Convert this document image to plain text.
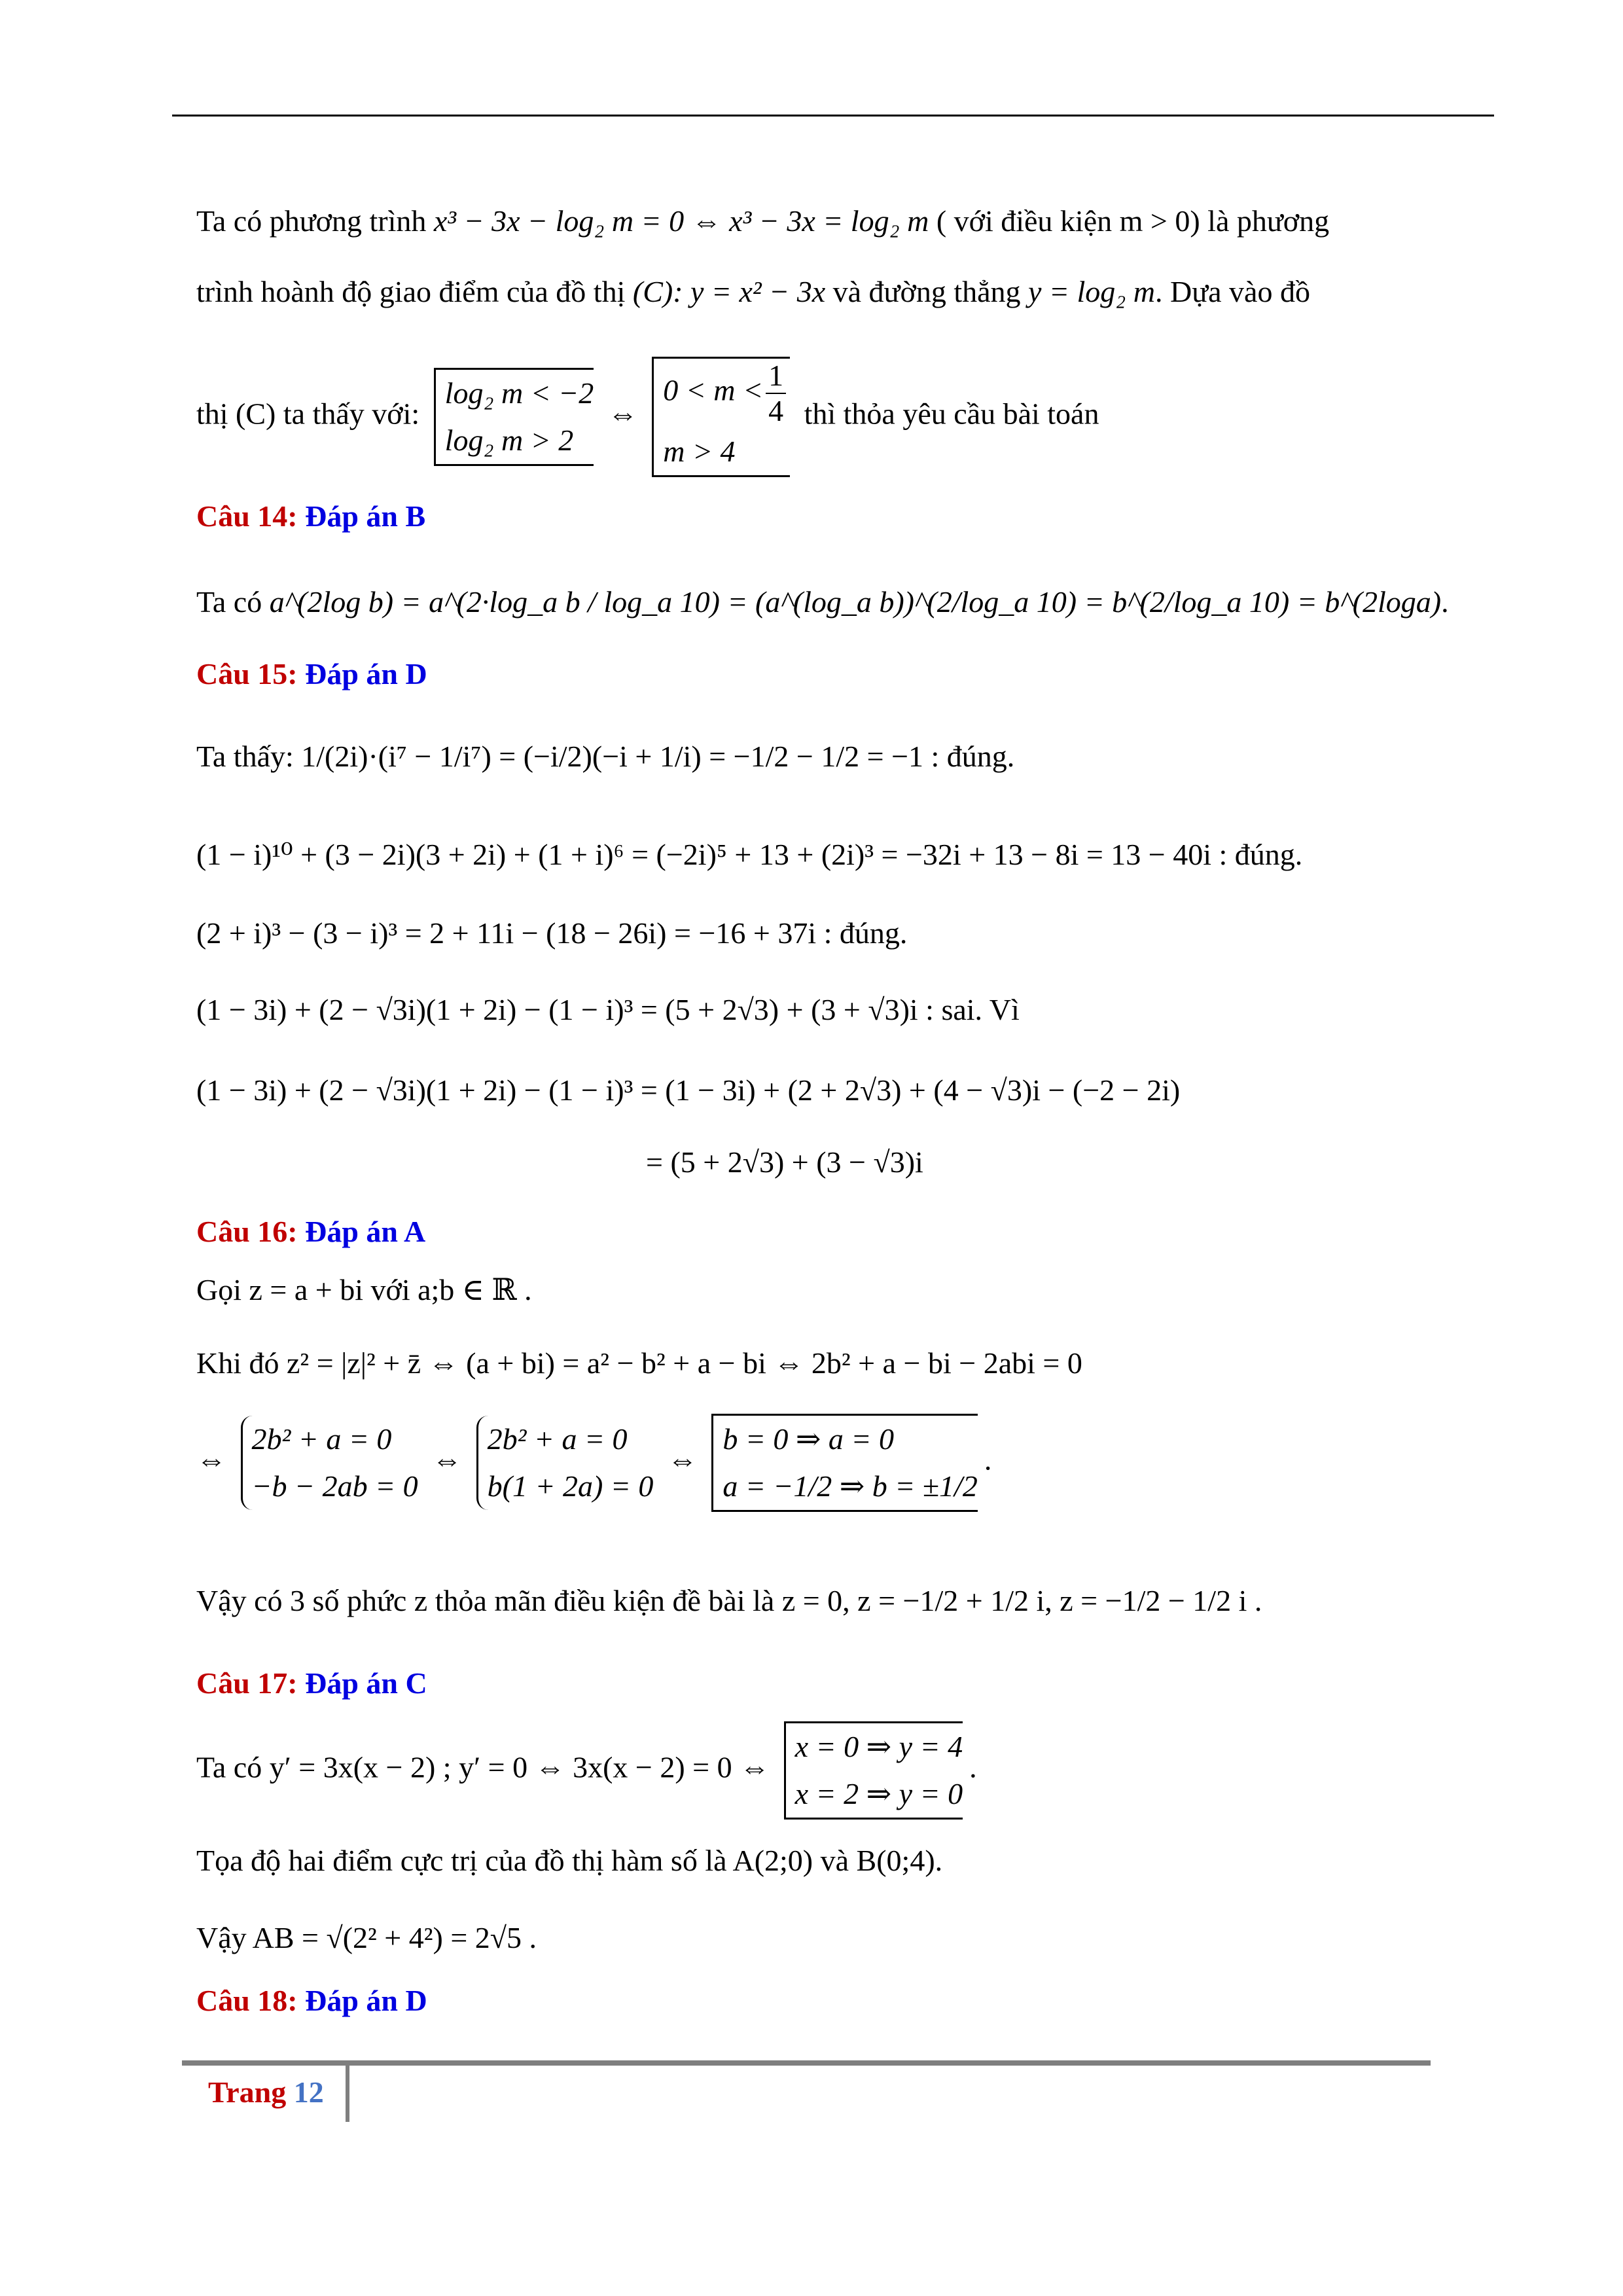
Ta có phương trình x³ − 3x − log₂ m = 0 ⇔ x³ − 3x = log₂ m ( với điều kiện m > 0) là phương
trình hoành độ giao điểm của đồ thị (C): y = x² − 3x và đường thẳng y = log₂ m. Dựa vào đồ
thị (C) ta thấy với:
log₂ m < −2
log₂ m > 2
⇔
$0 < m < \frac{1}{4}$
m > 4
thì thỏa yêu cầu bài toán
Câu 14: Đáp án B
Ta có a^(2log b) = a^(2·log_a b / log_a 10) = (a^(log_a b))^(2/log_a 10) = b^(2/log_a 10) = b^(2loga).
Câu 15: Đáp án D
Ta thấy: 1/(2i)·(i⁷ − 1/i⁷) = (−i/2)(−i + 1/i) = −1/2 − 1/2 = −1 : đúng.
(1 − i)¹⁰ + (3 − 2i)(3 + 2i) + (1 + i)⁶ = (−2i)⁵ + 13 + (2i)³ = −32i + 13 − 8i = 13 − 40i : đúng.
(2 + i)³ − (3 − i)³ = 2 + 11i − (18 − 26i) = −16 + 37i : đúng.
(1 − 3i) + (2 − √3i)(1 + 2i) − (1 − i)³ = (5 + 2√3) + (3 + √3)i : sai. Vì
(1 − 3i) + (2 − √3i)(1 + 2i) − (1 − i)³ = (1 − 3i) + (2 + 2√3) + (4 − √3)i − (−2 − 2i)
= (5 + 2√3) + (3 − √3)i
Câu 16: Đáp án A
Gọi z = a + bi với a;b ∈ ℝ .
Khi đó z² = |z|² + z̄ ⇔ (a + bi) = a² − b² + a − bi ⇔ 2b² + a − bi − 2abi = 0
⇔
2b² + a = 0
−b − 2ab = 0
⇔
2b² + a = 0
b(1 + 2a) = 0
⇔
b = 0 ⇒ a = 0
a = −1/2 ⇒ b = ±1/2
.
Vậy có 3 số phức z thỏa mãn điều kiện đề bài là z = 0, z = −1/2 + 1/2 i, z = −1/2 − 1/2 i .
Câu 17: Đáp án C
Ta có y′ = 3x(x − 2) ; y′ = 0 ⇔ 3x(x − 2) = 0 ⇔
x = 0 ⇒ y = 4
x = 2 ⇒ y = 0
.
Tọa độ hai điểm cực trị của đồ thị hàm số là A(2;0) và B(0;4).
Vậy AB = √(2² + 4²) = 2√5 .
Câu 18: Đáp án D
Trang 12
